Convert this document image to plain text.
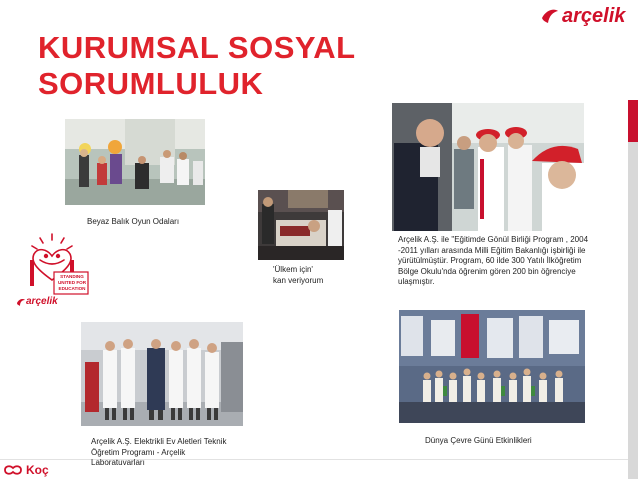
arçelik
KURUMSAL SOSYAL
SORUMLULUK
Beyaz Balık Oyun Odaları
'Ülkem için'
kan veriyorum
Arçelik A.Ş. ile "Eğitimde Gönül Birliği Program , 2004
-2011 yılları arasında Milli Eğitim Bakanlığı işbirliği ile
yürütülmüştür. Program, 60 ilde 300 Yatılı İlköğretim
Bölge Okulu'nda öğrenim gören 200 bin öğrenciye
ulaşmıştır.
STANDING
UNITED FOR
EDUCATION
arçelik
Arçelik A.Ş. Elektrikli Ev Aletleri Teknik
Öğretim Programı - Arçelik
Laboratuvarları
Dünya Çevre Günü Etkinlikleri
Koç
